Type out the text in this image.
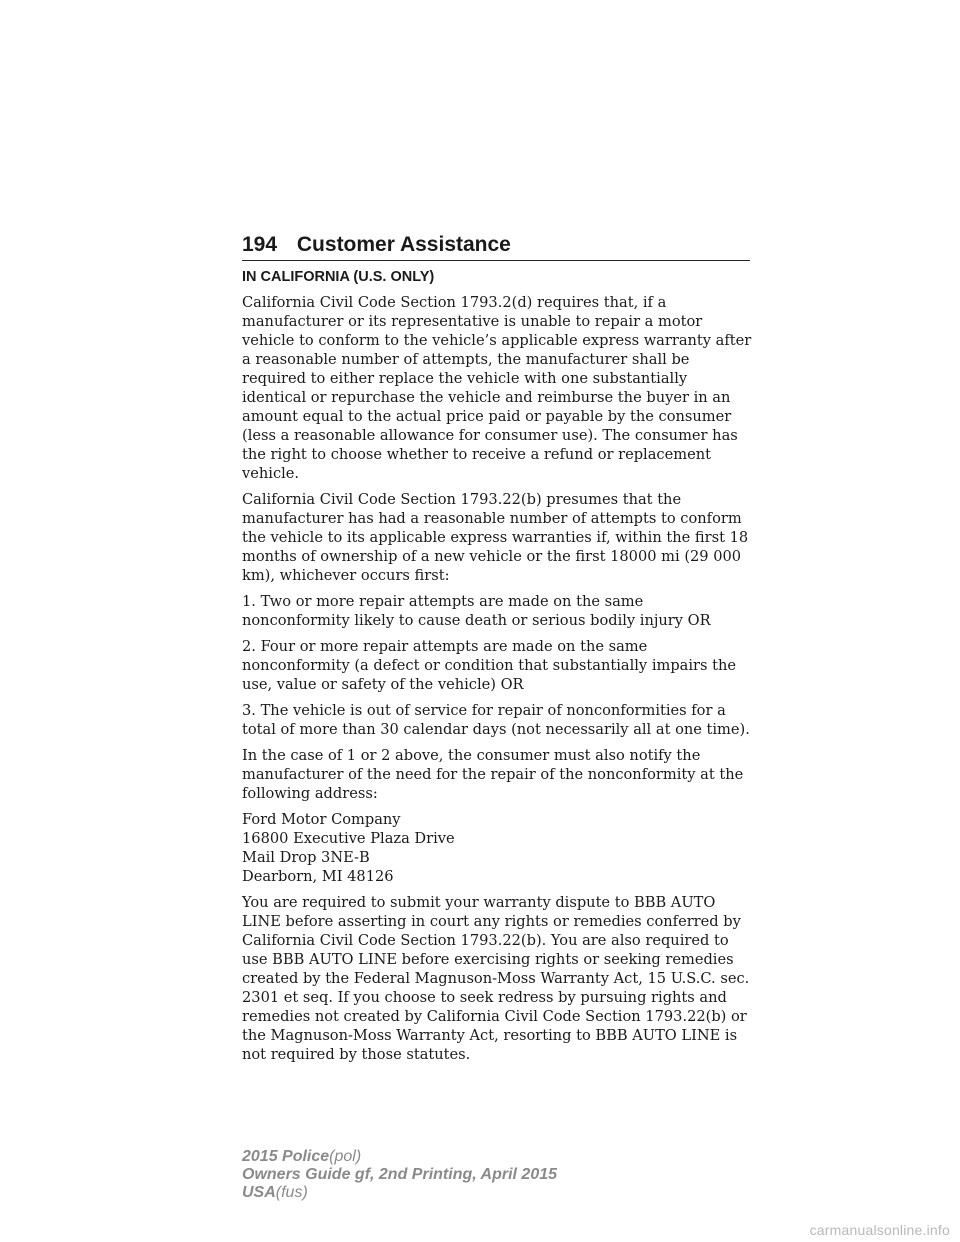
194 Customer Assistance
IN CALIFORNIA (U.S. ONLY)

California Civil Code Section 1793.2(d) requires that, if a manufacturer or its representative is unable to repair a motor vehicle to conform to the vehicle’s applicable express warranty after a reasonable number of attempts, the manufacturer shall be required to either replace the vehicle with one substantially identical or repurchase the vehicle and reimburse the buyer in an amount equal to the actual price paid or payable by the consumer (less a reasonable allowance for consumer use). The consumer has the right to choose whether to receive a refund or replacement vehicle.

California Civil Code Section 1793.22(b) presumes that the manufacturer has had a reasonable number of attempts to conform the vehicle to its applicable express warranties if, within the first 18 months of ownership of a new vehicle or the first 18000 mi (29 000 km), whichever occurs first:

1. Two or more repair attempts are made on the same nonconformity likely to cause death or serious bodily injury OR

2. Four or more repair attempts are made on the same nonconformity (a defect or condition that substantially impairs the use, value or safety of the vehicle) OR

3. The vehicle is out of service for repair of nonconformities for a total of more than 30 calendar days (not necessarily all at one time).

In the case of 1 or 2 above, the consumer must also notify the manufacturer of the need for the repair of the nonconformity at the following address:

Ford Motor Company
16800 Executive Plaza Drive
Mail Drop 3NE-B
Dearborn, MI 48126

You are required to submit your warranty dispute to BBB AUTO LINE before asserting in court any rights or remedies conferred by California Civil Code Section 1793.22(b). You are also required to use BBB AUTO LINE before exercising rights or seeking remedies created by the Federal Magnuson-Moss Warranty Act, 15 U.S.C. sec. 2301 et seq. If you choose to seek redress by pursuing rights and remedies not created by California Civil Code Section 1793.22(b) or the Magnuson-Moss Warranty Act, resorting to BBB AUTO LINE is not required by those statutes.

2015 Police(pol)
Owners Guide gf, 2nd Printing, April 2015
USA(fus)
carmanualsonline.info
